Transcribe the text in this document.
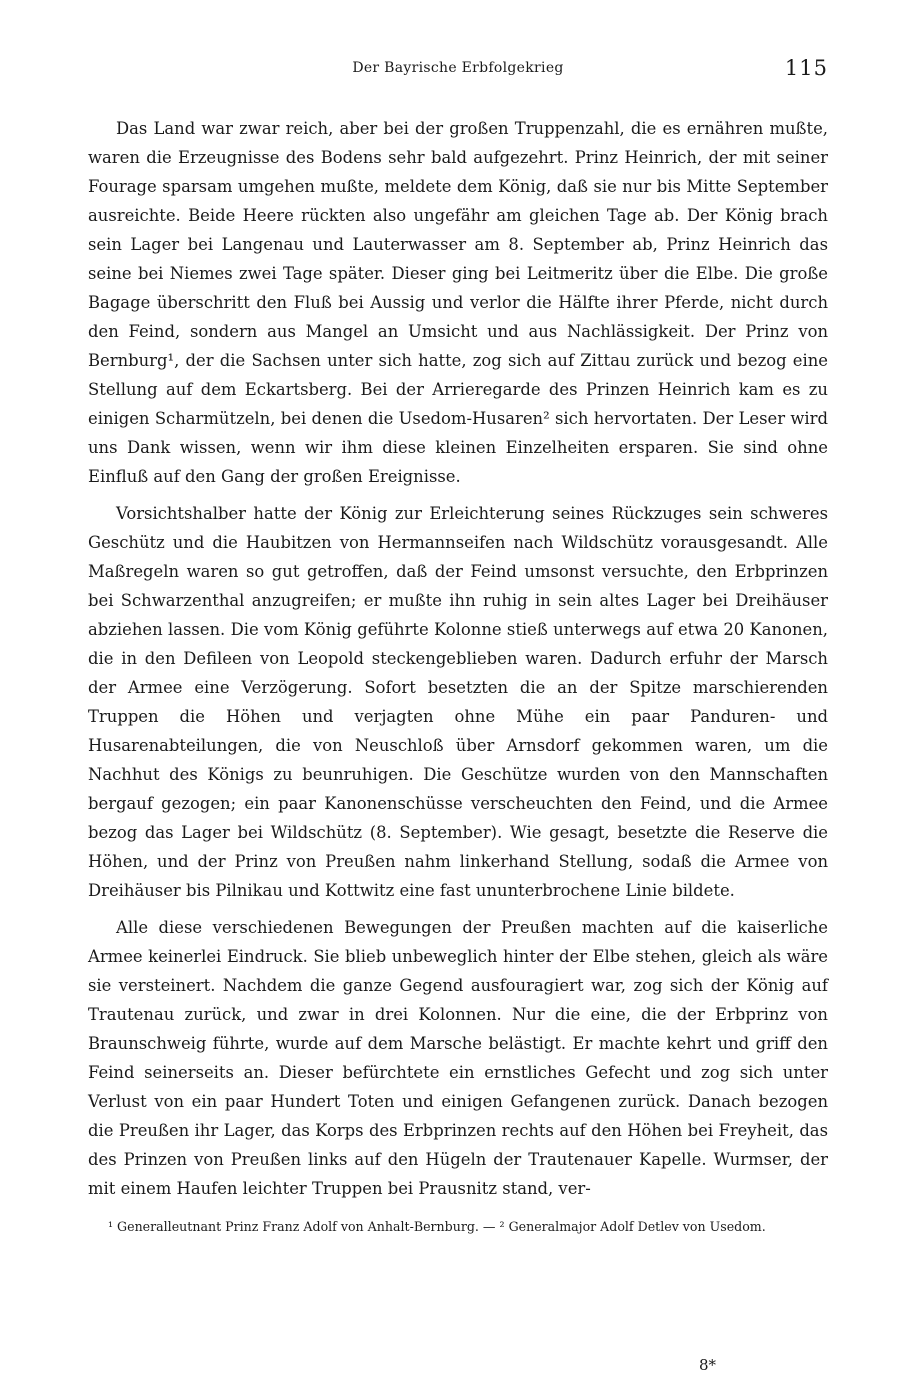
Der Bayrische Erbfolgekrieg	115

Das Land war zwar reich, aber bei der großen Truppenzahl, die es ernähren mußte, waren die Erzeugnisse des Bodens sehr bald aufgezehrt. Prinz Heinrich, der mit seiner Fourage sparsam umgehen mußte, meldete dem König, daß sie nur bis Mitte September ausreichte. Beide Heere rückten also ungefähr am gleichen Tage ab. Der König brach sein Lager bei Langenau und Lauterwasser am 8. September ab, Prinz Heinrich das seine bei Niemes zwei Tage später. Dieser ging bei Leitmeritz über die Elbe. Die große Bagage überschritt den Fluß bei Aussig und verlor die Hälfte ihrer Pferde, nicht durch den Feind, sondern aus Mangel an Umsicht und aus Nachlässigkeit. Der Prinz von Bernburg¹, der die Sachsen unter sich hatte, zog sich auf Zittau zurück und bezog eine Stellung auf dem Eckartsberg. Bei der Arrieregarde des Prinzen Heinrich kam es zu einigen Scharmützeln, bei denen die Usedom-Husaren² sich hervortaten. Der Leser wird uns Dank wissen, wenn wir ihm diese kleinen Einzelheiten ersparen. Sie sind ohne Einfluß auf den Gang der großen Ereignisse.

Vorsichtshalber hatte der König zur Erleichterung seines Rückzuges sein schweres Geschütz und die Haubitzen von Hermannseifen nach Wildschütz vorausgesandt. Alle Maßregeln waren so gut getroffen, daß der Feind umsonst versuchte, den Erbprinzen bei Schwarzenthal anzugreifen; er mußte ihn ruhig in sein altes Lager bei Dreihäuser abziehen lassen. Die vom König geführte Kolonne stieß unterwegs auf etwa 20 Kanonen, die in den Defileen von Leopold steckengeblieben waren. Dadurch erfuhr der Marsch der Armee eine Verzögerung. Sofort besetzten die an der Spitze marschierenden Truppen die Höhen und verjagten ohne Mühe ein paar Panduren- und Husarenabteilungen, die von Neuschloß über Arnsdorf gekommen waren, um die Nachhut des Königs zu beunruhigen. Die Geschütze wurden von den Mannschaften bergauf gezogen; ein paar Kanonenschüsse verscheuchten den Feind, und die Armee bezog das Lager bei Wildschütz (8. September). Wie gesagt, besetzte die Reserve die Höhen, und der Prinz von Preußen nahm linkerhand Stellung, sodaß die Armee von Dreihäuser bis Pilnikau und Kottwitz eine fast ununterbrochene Linie bildete.

Alle diese verschiedenen Bewegungen der Preußen machten auf die kaiserliche Armee keinerlei Eindruck. Sie blieb unbeweglich hinter der Elbe stehen, gleich als wäre sie versteinert. Nachdem die ganze Gegend ausfouragiert war, zog sich der König auf Trautenau zurück, und zwar in drei Kolonnen. Nur die eine, die der Erbprinz von Braunschweig führte, wurde auf dem Marsche belästigt. Er machte kehrt und griff den Feind seinerseits an. Dieser befürchtete ein ernstliches Gefecht und zog sich unter Verlust von ein paar Hundert Toten und einigen Gefangenen zurück. Danach bezogen die Preußen ihr Lager, das Korps des Erbprinzen rechts auf den Höhen bei Freyheit, das des Prinzen von Preußen links auf den Hügeln der Trautenauer Kapelle. Wurmser, der mit einem Haufen leichter Truppen bei Prausnitz stand, ver-

¹ Generalleutnant Prinz Franz Adolf von Anhalt-Bernburg. — ² Generalmajor Adolf Detlev von Usedom.
8*
